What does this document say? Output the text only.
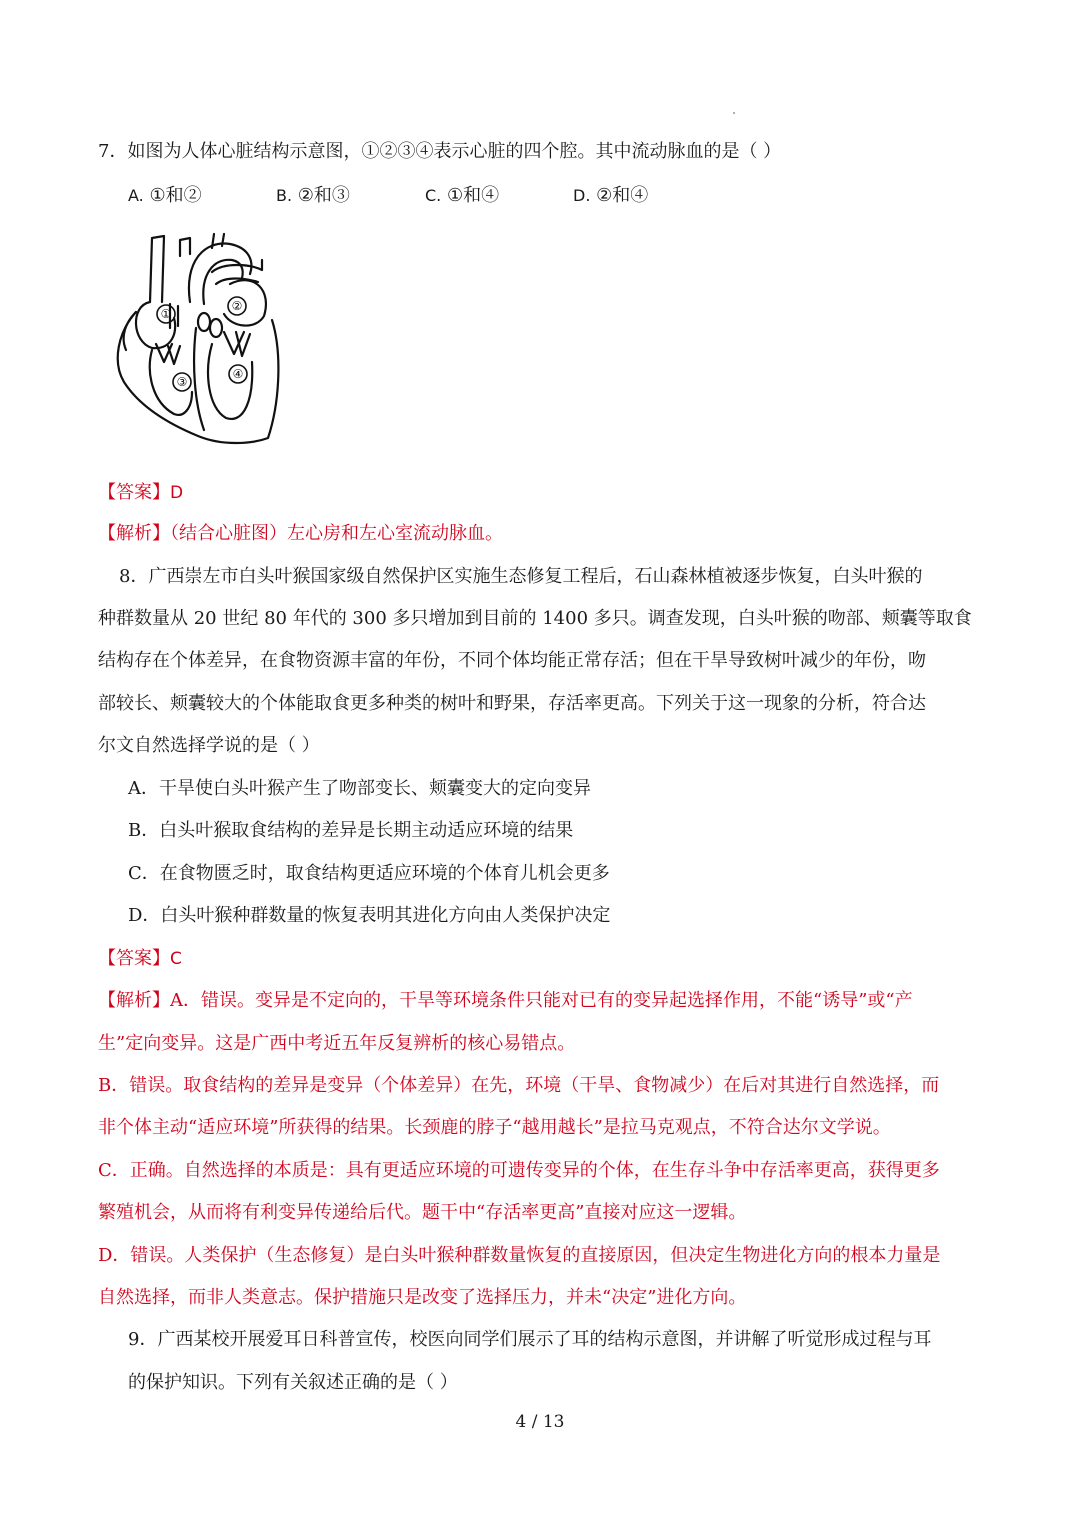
7．如图为人体心脏结构示意图，①②③④表示心脏的四个腔。其中流动脉血的是（ ）
A. ①和②	B. ②和③	C. ①和④	D. ②和④
①
②
③
④
【答案】D
【解析】（结合心脏图）左心房和左心室流动脉血。
8．广西崇左市白头叶猴国家级自然保护区实施生态修复工程后，石山森林植被逐步恢复，白头叶猴的
种群数量从 20 世纪 80 年代的 300 多只增加到目前的 1400 多只。调查发现，白头叶猴的吻部、颊囊等取食
结构存在个体差异，在食物资源丰富的年份，不同个体均能正常存活；但在干旱导致树叶减少的年份，吻
部较长、颊囊较大的个体能取食更多种类的树叶和野果，存活率更高。下列关于这一现象的分析，符合达
尔文自然选择学说的是（ ）
A．干旱使白头叶猴产生了吻部变长、颊囊变大的定向变异
B．白头叶猴取食结构的差异是长期主动适应环境的结果
C．在食物匮乏时，取食结构更适应环境的个体育儿机会更多
D．白头叶猴种群数量的恢复表明其进化方向由人类保护决定
【答案】C
【解析】A．错误。变异是不定向的，干旱等环境条件只能对已有的变异起选择作用，不能“诱导”或“产
生”定向变异。这是广西中考近五年反复辨析的核心易错点。
B．错误。取食结构的差异是变异（个体差异）在先，环境（干旱、食物减少）在后对其进行自然选择，而
非个体主动“适应环境”所获得的结果。长颈鹿的脖子“越用越长”是拉马克观点，不符合达尔文学说。
C．正确。自然选择的本质是：具有更适应环境的可遗传变异的个体，在生存斗争中存活率更高，获得更多
繁殖机会，从而将有利变异传递给后代。题干中“存活率更高”直接对应这一逻辑。
D．错误。人类保护（生态修复）是白头叶猴种群数量恢复的直接原因，但决定生物进化方向的根本力量是
自然选择，而非人类意志。保护措施只是改变了选择压力，并未“决定”进化方向。
9．广西某校开展爱耳日科普宣传，校医向同学们展示了耳的结构示意图，并讲解了听觉形成过程与耳
的保护知识。下列有关叙述正确的是（ ）
4 / 13
